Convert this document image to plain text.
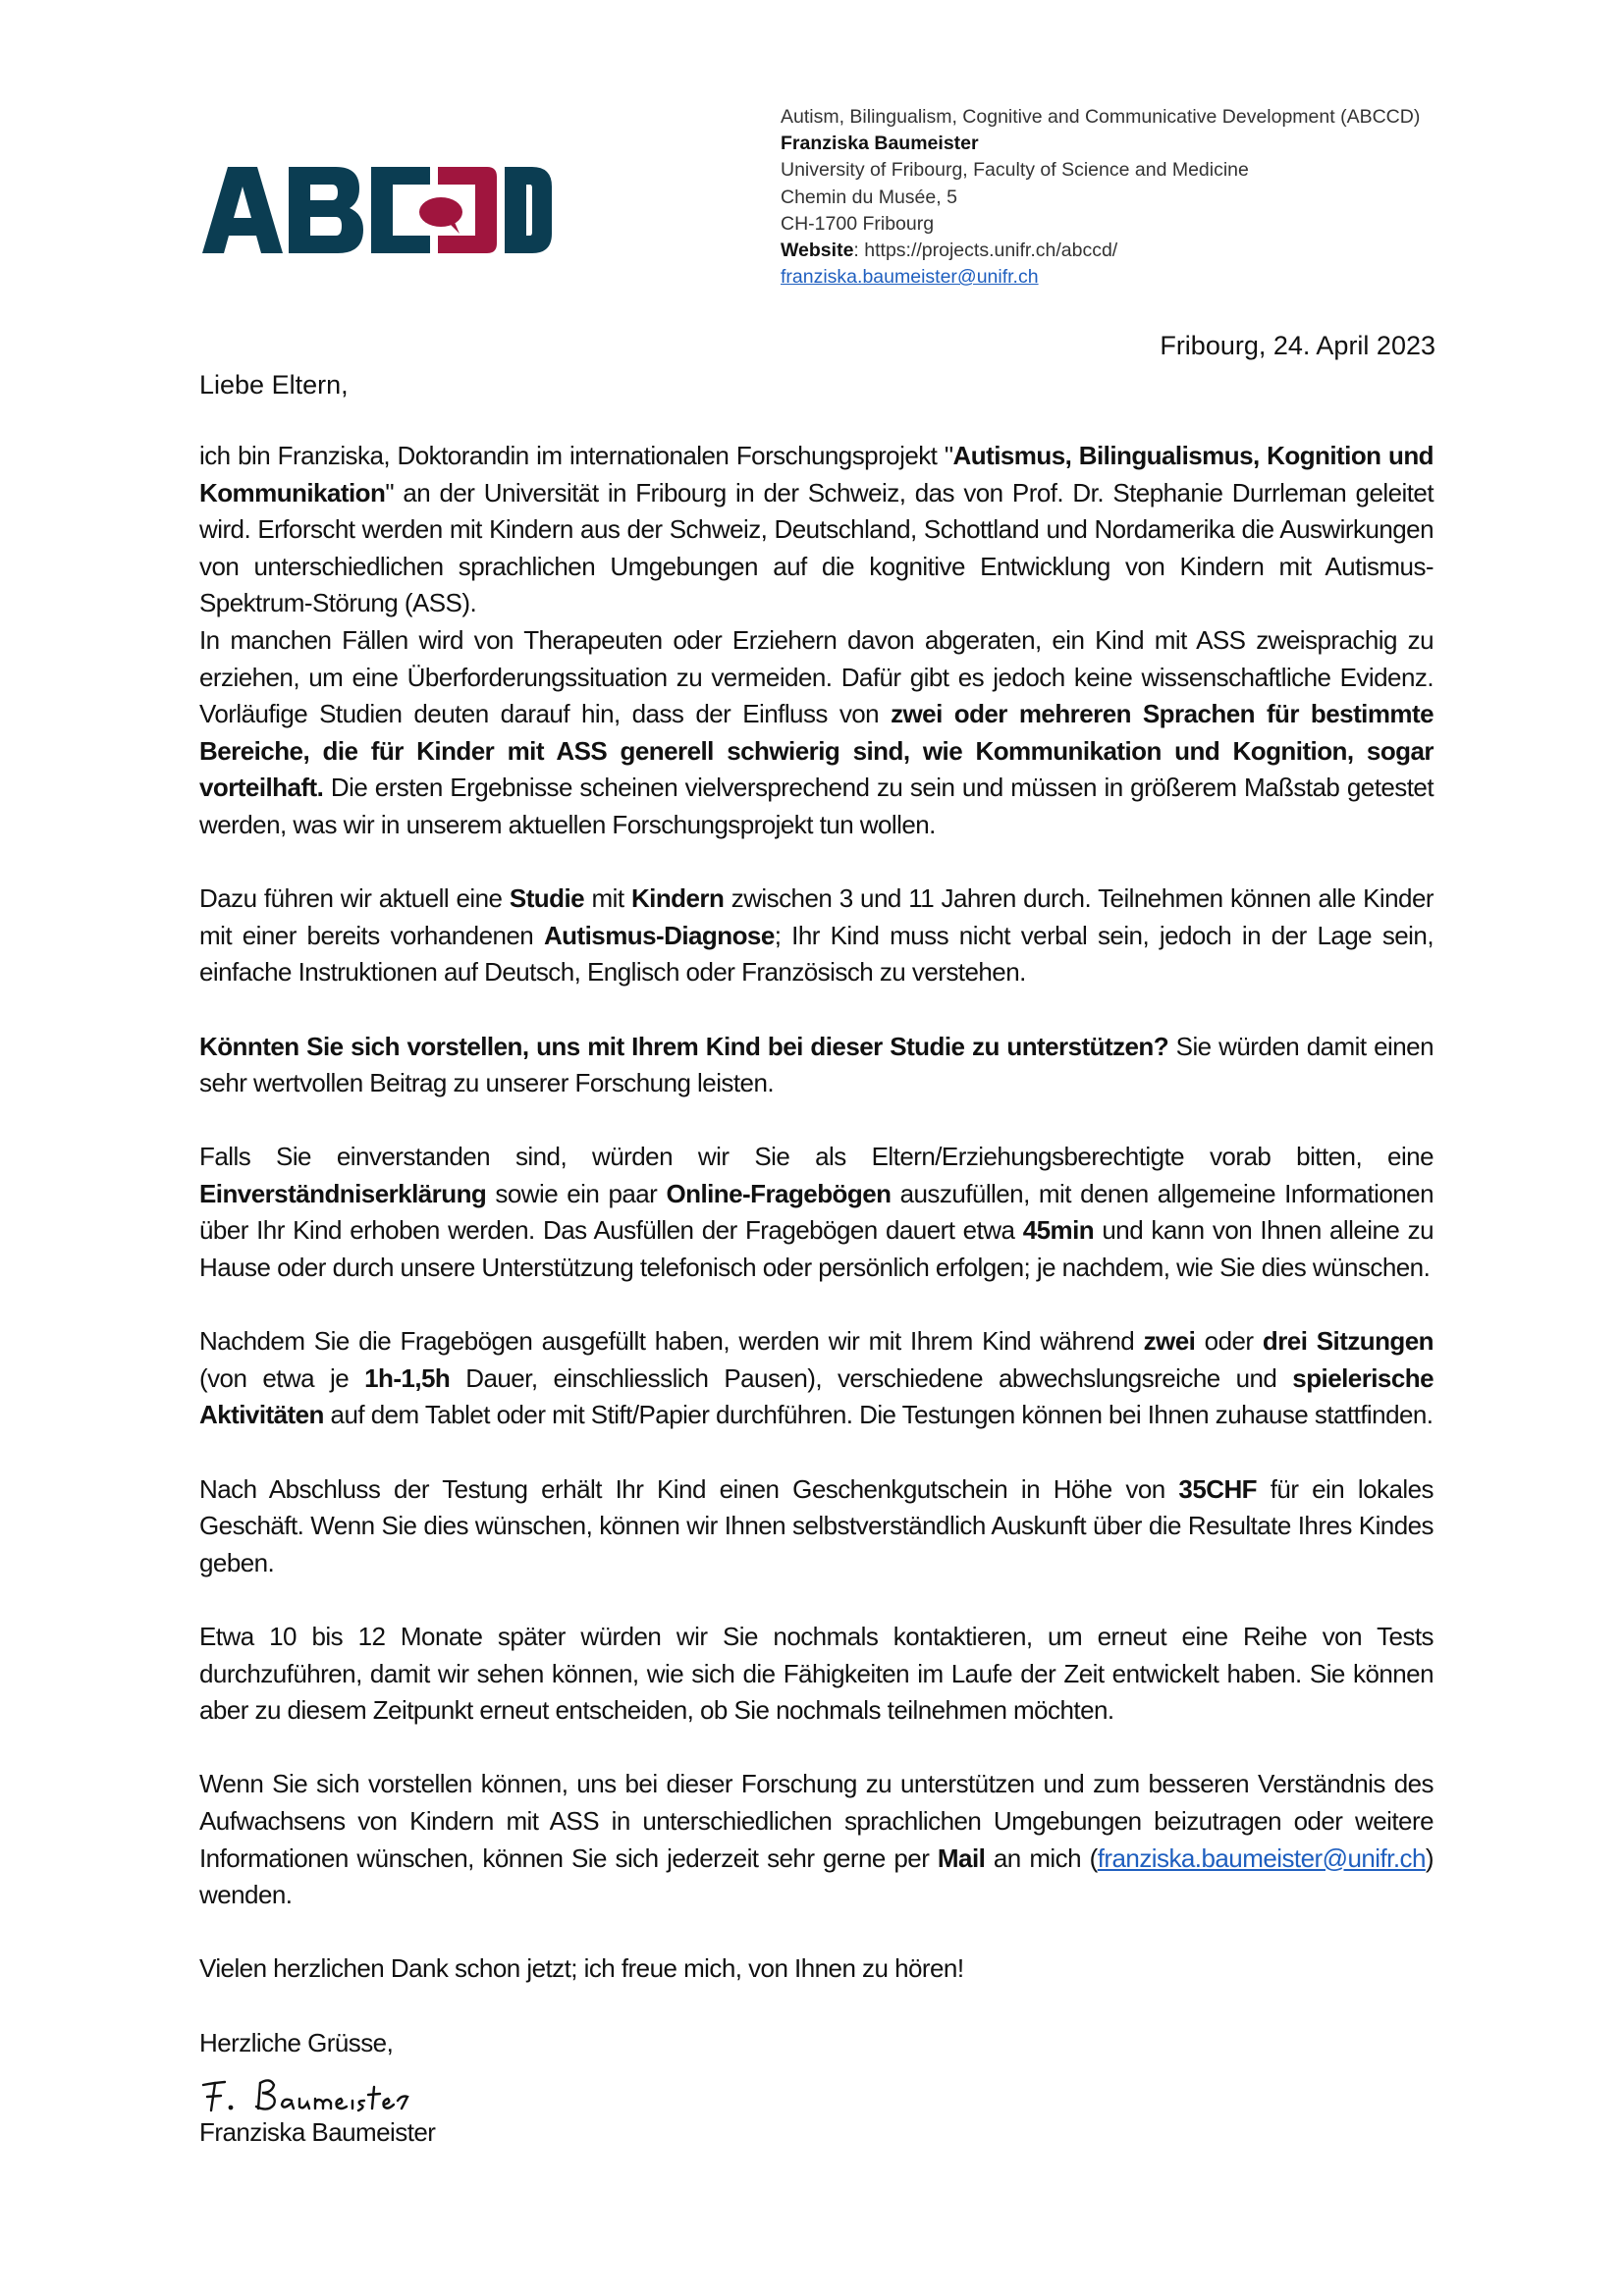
Autism, Bilingualism, Cognitive and Communicative Development (ABCCD)
Franziska Baumeister
University of Fribourg, Faculty of Science and Medicine
Chemin du Musée, 5
CH-1700 Fribourg
Website: https://projects.unifr.ch/abccd/
franziska.baumeister@unifr.ch
Fribourg, 24. April 2023
Liebe Eltern,

ich bin Franziska, Doktorandin im internationalen Forschungsprojekt "Autismus, Bilingualismus, Kognition und Kommunikation" an der Universität in Fribourg in der Schweiz, das von Prof. Dr. Stephanie Durrleman geleitet wird. Erforscht werden mit Kindern aus der Schweiz, Deutschland, Schottland und Nordamerika die Auswirkungen von unterschiedlichen sprachlichen Umgebungen auf die kognitive Entwicklung von Kindern mit Autismus-Spektrum-Störung (ASS).

In manchen Fällen wird von Therapeuten oder Erziehern davon abgeraten, ein Kind mit ASS zweisprachig zu erziehen, um eine Überforderungssituation zu vermeiden. Dafür gibt es jedoch keine wissenschaftliche Evidenz. Vorläufige Studien deuten darauf hin, dass der Einfluss von zwei oder mehreren Sprachen für bestimmte Bereiche, die für Kinder mit ASS generell schwierig sind, wie Kommunikation und Kognition, sogar vorteilhaft. Die ersten Ergebnisse scheinen vielversprechend zu sein und müssen in größerem Maßstab getestet werden, was wir in unserem aktuellen Forschungsprojekt tun wollen.

Dazu führen wir aktuell eine Studie mit Kindern zwischen 3 und 11 Jahren durch. Teilnehmen können alle Kinder mit einer bereits vorhandenen Autismus-Diagnose; Ihr Kind muss nicht verbal sein, jedoch in der Lage sein, einfache Instruktionen auf Deutsch, Englisch oder Französisch zu verstehen.

Könnten Sie sich vorstellen, uns mit Ihrem Kind bei dieser Studie zu unterstützen? Sie würden damit einen sehr wertvollen Beitrag zu unserer Forschung leisten.

Falls Sie einverstanden sind, würden wir Sie als Eltern/Erziehungsberechtigte vorab bitten, eine Einverständniserklärung sowie ein paar Online-Fragebögen auszufüllen, mit denen allgemeine Informationen über Ihr Kind erhoben werden. Das Ausfüllen der Fragebögen dauert etwa 45min und kann von Ihnen alleine zu Hause oder durch unsere Unterstützung telefonisch oder persönlich erfolgen; je nachdem, wie Sie dies wünschen.

Nachdem Sie die Fragebögen ausgefüllt haben, werden wir mit Ihrem Kind während zwei oder drei Sitzungen (von etwa je 1h-1,5h Dauer, einschliesslich Pausen), verschiedene abwechslungsreiche und spielerische Aktivitäten auf dem Tablet oder mit Stift/Papier durchführen. Die Testungen können bei Ihnen zuhause stattfinden.

Nach Abschluss der Testung erhält Ihr Kind einen Geschenkgutschein in Höhe von 35CHF für ein lokales Geschäft. Wenn Sie dies wünschen, können wir Ihnen selbstverständlich Auskunft über die Resultate Ihres Kindes geben.

Etwa 10 bis 12 Monate später würden wir Sie nochmals kontaktieren, um erneut eine Reihe von Tests durchzuführen, damit wir sehen können, wie sich die Fähigkeiten im Laufe der Zeit entwickelt haben. Sie können aber zu diesem Zeitpunkt erneut entscheiden, ob Sie nochmals teilnehmen möchten.

Wenn Sie sich vorstellen können, uns bei dieser Forschung zu unterstützen und zum besseren Verständnis des Aufwachsens von Kindern mit ASS in unterschiedlichen sprachlichen Umgebungen beizutragen oder weitere Informationen wünschen, können Sie sich jederzeit sehr gerne per Mail an mich (franziska.baumeister@unifr.ch) wenden.

Vielen herzlichen Dank schon jetzt; ich freue mich, von Ihnen zu hören!

Herzliche Grüsse,
Franziska Baumeister
